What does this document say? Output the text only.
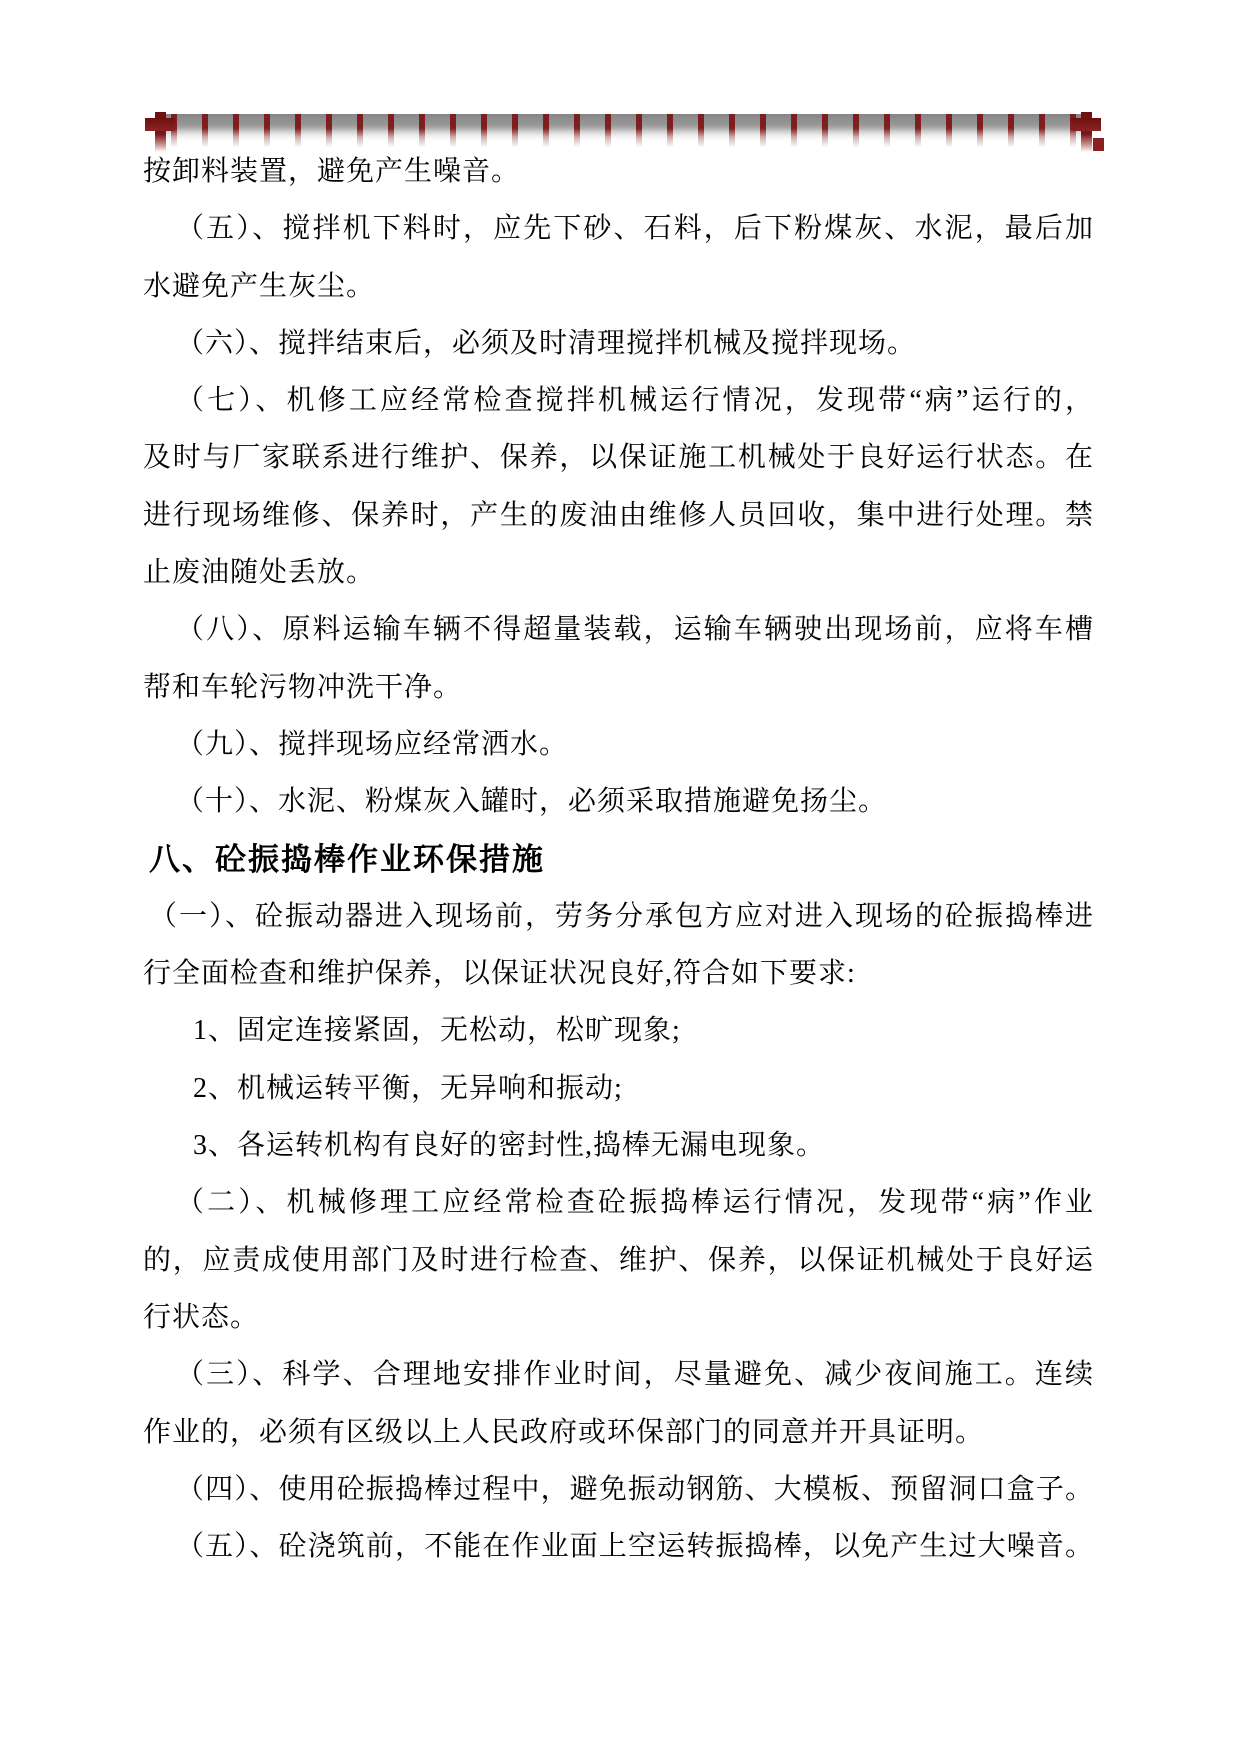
按卸料装置，避免产生噪音。
（五）、搅拌机下料时，应先下砂、石料，后下粉煤灰、水泥，最后加
水避免产生灰尘。
（六）、搅拌结束后，必须及时清理搅拌机械及搅拌现场。
（七）、机修工应经常检查搅拌机械运行情况，发现带“病”运行的，
及时与厂家联系进行维护、保养，以保证施工机械处于良好运行状态。在
进行现场维修、保养时，产生的废油由维修人员回收，集中进行处理。禁
止废油随处丢放。
（八）、原料运输车辆不得超量装载，运输车辆驶出现场前，应将车槽
帮和车轮污物冲洗干净。
（九）、搅拌现场应经常洒水。
（十）、水泥、粉煤灰入罐时，必须采取措施避免扬尘。
八、砼振捣棒作业环保措施
（一）、砼振动器进入现场前，劳务分承包方应对进入现场的砼振捣棒进
行全面检查和维护保养，以保证状况良好,符合如下要求:
1、固定连接紧固，无松动，松旷现象;
2、机械运转平衡，无异响和振动;
3、各运转机构有良好的密封性,捣棒无漏电现象。
（二）、机械修理工应经常检查砼振捣棒运行情况，发现带“病”作业
的，应责成使用部门及时进行检查、维护、保养，以保证机械处于良好运
行状态。
（三）、科学、合理地安排作业时间，尽量避免、减少夜间施工。连续
作业的，必须有区级以上人民政府或环保部门的同意并开具证明。
（四）、使用砼振捣棒过程中，避免振动钢筋、大模板、预留洞口盒子。
（五）、砼浇筑前，不能在作业面上空运转振捣棒，以免产生过大噪音。
